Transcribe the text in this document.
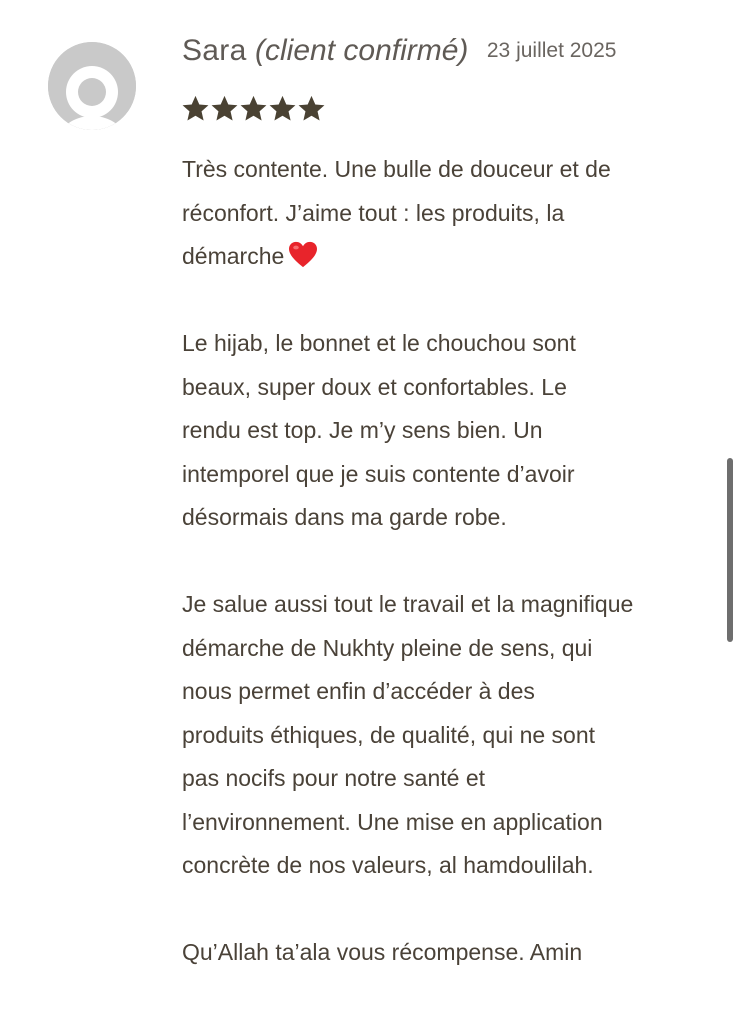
Sara (client confirmé) 23 juillet 2025

Très contente. Une bulle de douceur et de
réconfort. J’aime tout : les produits, la
démarche

Le hijab, le bonnet et le chouchou sont
beaux, super doux et confortables. Le
rendu est top. Je m’y sens bien. Un
intemporel que je suis contente d’avoir
désormais dans ma garde robe.

Je salue aussi tout le travail et la magnifique
démarche de Nukhty pleine de sens, qui
nous permet enfin d’accéder à des
produits éthiques, de qualité, qui ne sont
pas nocifs pour notre santé et
l’environnement. Une mise en application
concrète de nos valeurs, al hamdoulilah.

Qu’Allah ta’ala vous récompense. Amin
